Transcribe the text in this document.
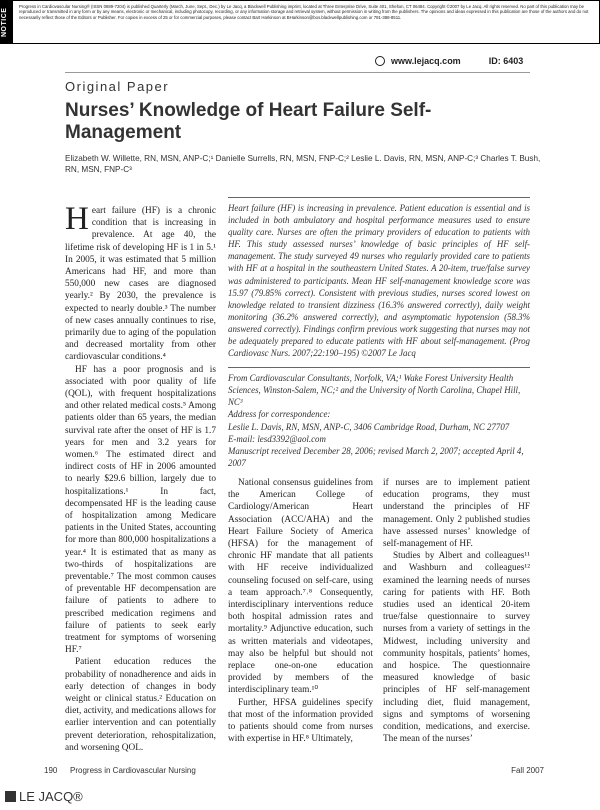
NOTICE
Progress in Cardiovascular Nursing® (ISSN 0889-7204) is published Quarterly (March, June, Sept., Dec.) by Le Jacq, a Blackwell Publishing imprint, located at Three Enterprise Drive, Suite 401, Shelton, CT 06484. Copyright ©2007 by Le Jacq. All rights reserved. No part of this publication may be reproduced or transmitted in any form or by any means, electronic or mechanical, including photocopy, recording, or any information storage and retrieval system, without permission in writing from the publishers. The opinions and ideas expressed in this publication are those of the authors and do not necessarily reflect those of the Editors or Publisher. For copies in excess of 25 or for commercial purposes, please contact Bart Harkinson at BHarkinson@bos.blackwellpublishing.com or 781-388-8511.
www.lejacq.com	ID: 6403
Original Paper
Nurses’ Knowledge of Heart Failure Self-Management
Elizabeth W. Willette, RN, MSN, ANP-C;¹ Danielle Surrells, RN, MSN, FNP-C;² Leslie L. Davis, RN, MSN, ANP-C;³ Charles T. Bush, RN, MSN, FNP-C³

Heart failure (HF) is a chronic condition that is increasing in prevalence. At age 40, the lifetime risk of developing HF is 1 in 5.¹ In 2005, it was estimated that 5 million Americans had HF, and more than 550,000 new cases are diagnosed yearly.² By 2030, the prevalence is expected to nearly double.³ The number of new cases annually continues to rise, primarily due to aging of the population and decreased mortality from other cardiovascular conditions.⁴

HF has a poor prognosis and is associated with poor quality of life (QOL), with frequent hospitalizations and other related medical costs.⁵ Among patients older than 65 years, the median survival rate after the onset of HF is 1.7 years for men and 3.2 years for women.⁶ The estimated direct and indirect costs of HF in 2006 amounted to nearly $29.6 billion, largely due to hospitalizations.¹ In fact, decompensated HF is the leading cause of hospitalization among Medicare patients in the United States, accounting for more than 800,000 hospitalizations a year.⁴ It is estimated that as many as two-thirds of hospitalizations are preventable.⁷ The most common causes of preventable HF decompensation are failure of patients to adhere to prescribed medication regimens and failure of patients to seek early treatment for symptoms of worsening HF.⁷

Patient education reduces the probability of nonadherence and aids in early detection of changes in body weight or clinical status.² Education on diet, activity, and medications allows for earlier intervention and can potentially prevent deterioration, rehospitalization, and worsening QOL.

Heart failure (HF) is increasing in prevalence. Patient education is essential and is included in both ambulatory and hospital performance measures used to ensure quality care. Nurses are often the primary providers of education to patients with HF. This study assessed nurses’ knowledge of basic principles of HF self-management. The study surveyed 49 nurses who regularly provided care to patients with HF at a hospital in the southeastern United States. A 20-item, true/false survey was administered to participants. Mean HF self-management knowledge score was 15.97 (79.85% correct). Consistent with previous studies, nurses scored lowest on knowledge related to transient dizziness (16.3% answered correctly), daily weight monitoring (36.2% answered correctly), and asymptomatic hypotension (58.3% answered correctly). Findings confirm previous work suggesting that nurses may not be adequately prepared to educate patients with HF about self-management. (Prog Cardiovasc Nurs. 2007;22:190–195) ©2007 Le Jacq
From Cardiovascular Consultants, Norfolk, VA;¹ Wake Forest University Health Sciences, Winston-Salem, NC;² and the University of North Carolina, Chapel Hill, NC³
Address for correspondence:
Leslie L. Davis, RN, MSN, ANP-C, 3406 Cambridge Road, Durham, NC 27707
E-mail: lesd3392@aol.com
Manuscript received December 28, 2006; revised March 2, 2007; accepted April 4, 2007

National consensus guidelines from the American College of Cardiology/American Heart Association (ACC/AHA) and the Heart Failure Society of America (HFSA) for the management of chronic HF mandate that all patients with HF receive individualized counseling focused on self-care, using a team approach.⁷˒⁸ Consequently, interdisciplinary interventions reduce both hospital admission rates and mortality.⁹ Adjunctive education, such as written materials and videotapes, may also be helpful but should not replace one-on-one education provided by members of the interdisciplinary team.¹⁰

Further, HFSA guidelines specify that most of the information provided to patients should come from nurses with expertise in HF.⁸ Ultimately,

if nurses are to implement patient education programs, they must understand the principles of HF management. Only 2 published studies have assessed nurses’ knowledge of self-management of HF.

Studies by Albert and colleagues¹¹ and Washburn and colleagues¹² examined the learning needs of nurses caring for patients with HF. Both studies used an identical 20-item true/false questionnaire to survey nurses from a variety of settings in the Midwest, including university and community hospitals, patients’ homes, and hospice. The questionnaire measured knowledge of basic principles of HF self-management including diet, fluid management, signs and symptoms of worsening condition, medications, and exercise. The mean of the nurses’

190	Progress in Cardiovascular Nursing	Fall 2007
LE JACQ®
